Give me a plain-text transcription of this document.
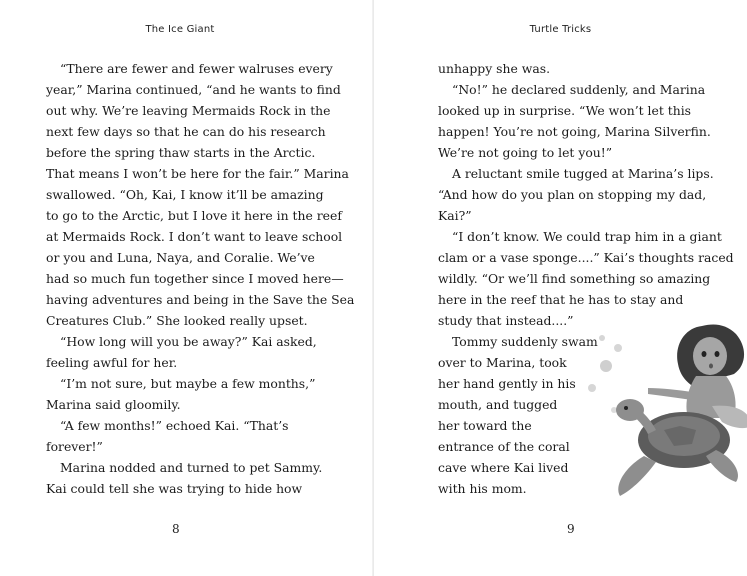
The Ice Giant
“There are fewer and fewer walruses every
year,” Marina continued, “and he wants to find
out why. We’re leaving Mermaids Rock in the
next few days so that he can do his research
before the spring thaw starts in the Arctic.
That means I won’t be here for the fair.” Marina
swallowed. “Oh, Kai, I know it’ll be amazing
to go to the Arctic, but I love it here in the reef
at Mermaids Rock. I don’t want to leave school
or you and Luna, Naya, and Coralie. We’ve
had so much fun together since I moved here—
having adventures and being in the Save the Sea
Creatures Club.” She looked really upset.
“How long will you be away?” Kai asked,
feeling awful for her.
“I’m not sure, but maybe a few months,”
Marina said gloomily.
“A few months!” echoed Kai. “That’s
forever!”
Marina nodded and turned to pet Sammy.
Kai could tell she was trying to hide how
8
Turtle Tricks
unhappy she was.
“No!” he declared suddenly, and Marina
looked up in surprise. “We won’t let this
happen! You’re not going, Marina Silverfin.
We’re not going to let you!”
A reluctant smile tugged at Marina’s lips.
“And how do you plan on stopping my dad,
Kai?”
“I don’t know. We could trap him in a giant
clam or a vase sponge....” Kai’s thoughts raced
wildly. “Or we’ll find something so amazing
here in the reef that he has to stay and
study that instead....”
Tommy suddenly swam
over to Marina, took
her hand gently in his
mouth, and tugged
her toward the
entrance of the coral
cave where Kai lived
with his mom.
9
